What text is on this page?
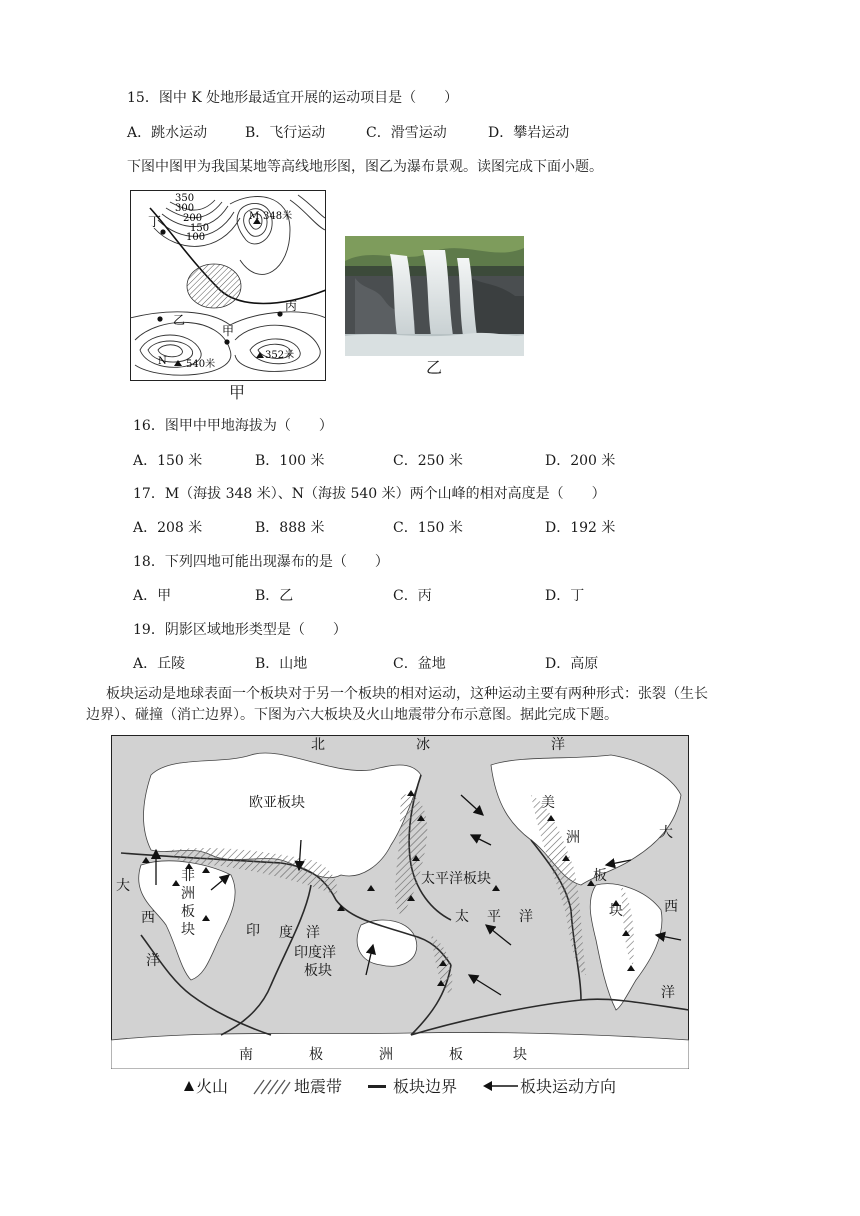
15．图中 K 处地形最适宜开展的运动项目是（　　）
A．跳水运动	B．飞行运动	C．滑雪运动	D．攀岩运动
下图中图甲为我国某地等高线地形图，图乙为瀑布景观。读图完成下面小题。
350
300
200
150
100
丁
乙
丙
甲
M 348米
N 540米
352米
甲
乙
16．图甲中甲地海拔为（　　）
A．150 米	B．100 米	C．250 米	D．200 米
17．M（海拔 348 米）、N（海拔 540 米）两个山峰的相对高度是（　　）
A．208 米	B．888 米	C．150 米	D．192 米
18．下列四地可能出现瀑布的是（　　）
A．甲	B．乙	C．丙	D．丁
19．阴影区域地形类型是（　　）
A．丘陵	B．山地	C．盆地	D．高原
板块运动是地球表面一个板块对于另一个板块的相对运动，这种运动主要有两种形式：张裂（生长
边界）、碰撞（消亡边界）。下图为六大板块及火山地震带分布示意图。据此完成下题。
北	冰	洋
欧亚板块	美
洲
板
块
大
西
洋
大
西
洋
非
洲
板
块	印 度 洋
印度洋
板块
太平洋板块
太 平 洋
南	极	洲	板	块
火山	地震带	板块边界	板块运动方向
